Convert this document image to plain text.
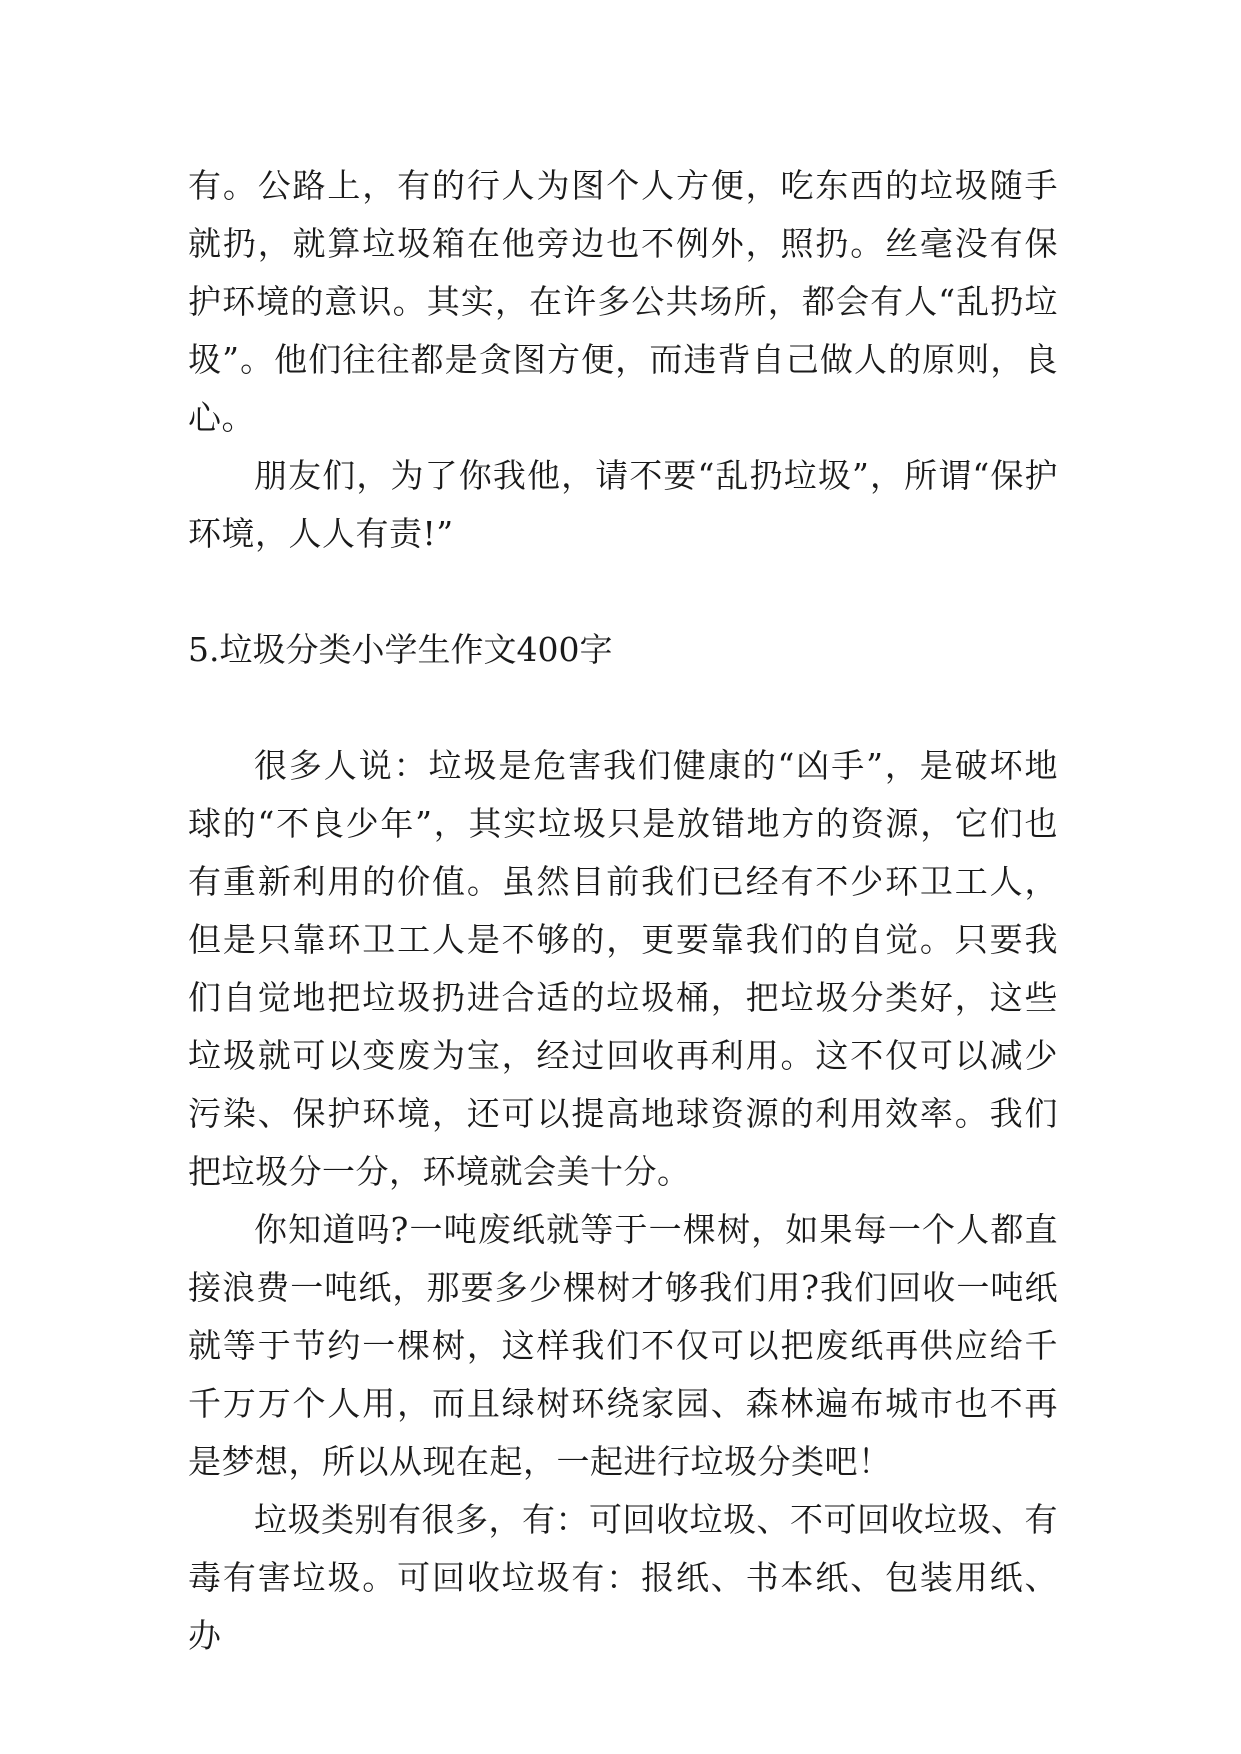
有。公路上，有的行人为图个人方便，吃东西的垃圾随手就扔，就算垃圾箱在他旁边也不例外，照扔。丝毫没有保护环境的意识。其实，在许多公共场所，都会有人“乱扔垃圾”。他们往往都是贪图方便，而违背自己做人的原则，良心。

朋友们，为了你我他，请不要“乱扔垃圾”，所谓“保护环境，人人有责!”

5.垃圾分类小学生作文400字

很多人说：垃圾是危害我们健康的“凶手”，是破坏地球的“不良少年”，其实垃圾只是放错地方的资源，它们也有重新利用的价值。虽然目前我们已经有不少环卫工人，但是只靠环卫工人是不够的，更要靠我们的自觉。只要我们自觉地把垃圾扔进合适的垃圾桶，把垃圾分类好，这些垃圾就可以变废为宝，经过回收再利用。这不仅可以减少污染、保护环境，还可以提高地球资源的利用效率。我们把垃圾分一分，环境就会美十分。

你知道吗?一吨废纸就等于一棵树，如果每一个人都直接浪费一吨纸，那要多少棵树才够我们用?我们回收一吨纸就等于节约一棵树，这样我们不仅可以把废纸再供应给千千万万个人用，而且绿树环绕家园、森林遍布城市也不再是梦想，所以从现在起，一起进行垃圾分类吧！

垃圾类别有很多，有：可回收垃圾、不可回收垃圾、有毒有害垃圾。可回收垃圾有：报纸、书本纸、包装用纸、办
